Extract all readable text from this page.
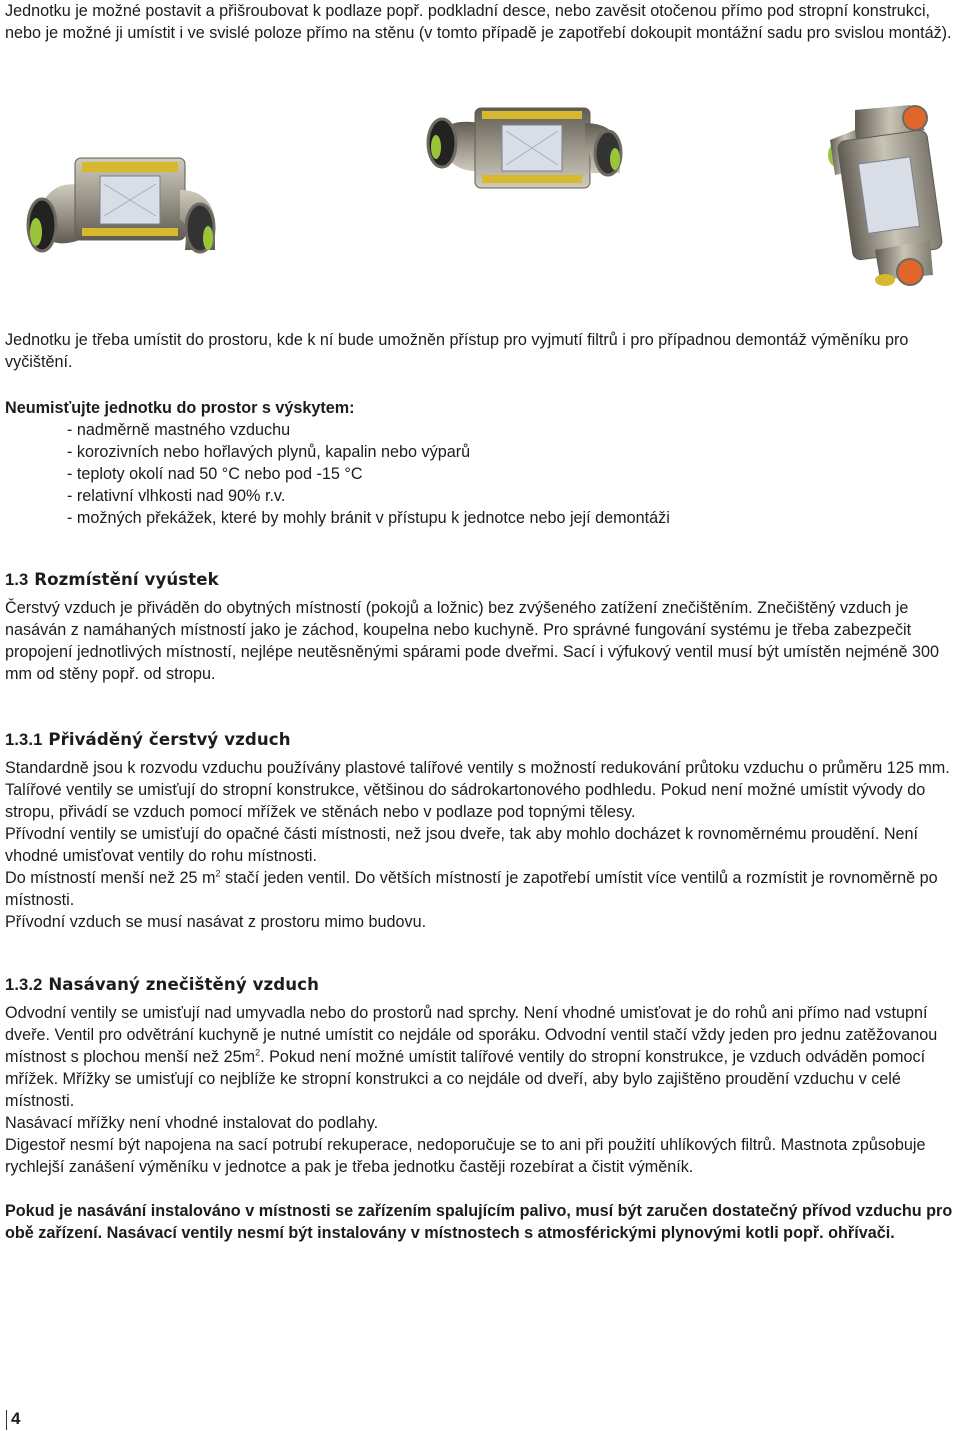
Jednotku je možné postavit a přišroubovat k podlaze popř. podkladní desce, nebo zavěsit otočenou přímo pod stropní konstrukci, nebo je možné ji umístit i ve svislé poloze přímo na stěnu (v tomto případě je zapotřebí dokoupit montážní sadu pro svislou montáž).

Jednotku je třeba umístit do prostoru, kde k ní bude umožněn přístup pro vyjmutí filtrů i pro případnou demontáž výměníku pro vyčištění.

Neumisťujte jednotku do prostor s výskytem:

- nadměrně mastného vzduchu
- korozivních nebo hořlavých plynů, kapalin nebo výparů
- teploty okolí nad 50 °C nebo pod -15 °C
- relativní vlhkosti nad 90% r.v.
- možných překážek, které by mohly bránit v přístupu k jednotce nebo její demontáži
1.3 Rozmístění vyústek

Čerstvý vzduch je přiváděn do obytných místností (pokojů a ložnic) bez zvýšeného zatížení znečištěním. Znečištěný vzduch je nasáván z namáhaných místností jako je záchod, koupelna nebo kuchyně. Pro správné fungování systému je třeba zabezpečit propojení jednotlivých místností, nejlépe neutěsněnými spárami pode dveřmi. Sací i výfukový ventil musí být umístěn nejméně 300 mm od stěny popř. od stropu.

1.3.1 Přiváděný čerstvý vzduch

Standardně jsou k rozvodu vzduchu používány plastové talířové ventily s možností redukování průtoku vzduchu o průměru 125 mm. Talířové ventily se umisťují do stropní konstrukce, většinou do sádrokartonového podhledu. Pokud není možné umístit vývody do stropu, přivádí se vzduch pomocí mřížek ve stěnách nebo v podlaze pod topnými tělesy.

Přívodní ventily se umisťují do opačné části místnosti, než jsou dveře, tak aby mohlo docházet k rovnoměrnému proudění. Není vhodné umisťovat ventily do rohu místnosti.

Do místností menší než 25 $m^2$ stačí jeden ventil. Do větších místností je zapotřebí umístit více ventilů a rozmístit je rovnoměrně po místnosti.

Přívodní vzduch se musí nasávat z prostoru mimo budovu.

1.3.2 Nasávaný znečištěný vzduch

Odvodní ventily se umisťují nad umyvadla nebo do prostorů nad sprchy. Není vhodné umisťovat je do rohů ani přímo nad vstupní dveře. Ventil pro odvětrání kuchyně je nutné umístit co nejdále od sporáku. Odvodní ventil stačí vždy jeden pro jednu zatěžovanou místnost s plochou menší než $25m^2$. Pokud není možné umístit talířové ventily do stropní konstrukce, je vzduch odváděn pomocí mřížek. Mřížky se umisťují co nejblíže ke stropní konstrukci a co nejdále od dveří, aby bylo zajištěno proudění vzduchu v celé místnosti.

Nasávací mřížky není vhodné instalovat do podlahy.

Digestoř nesmí být napojena na sací potrubí rekuperace, nedoporučuje se to ani při použití uhlíkových filtrů. Mastnota způsobuje rychlejší zanášení výměníku v jednotce a pak je třeba jednotku častěji rozebírat a čistit výměník.

Pokud je nasávání instalováno v místnosti se zařízením spalujícím palivo, musí být zaručen dostatečný přívod vzduchu pro obě zařízení. Nasávací ventily nesmí být instalovány v místnostech s atmosférickými plynovými kotli popř. ohřívači.

4
